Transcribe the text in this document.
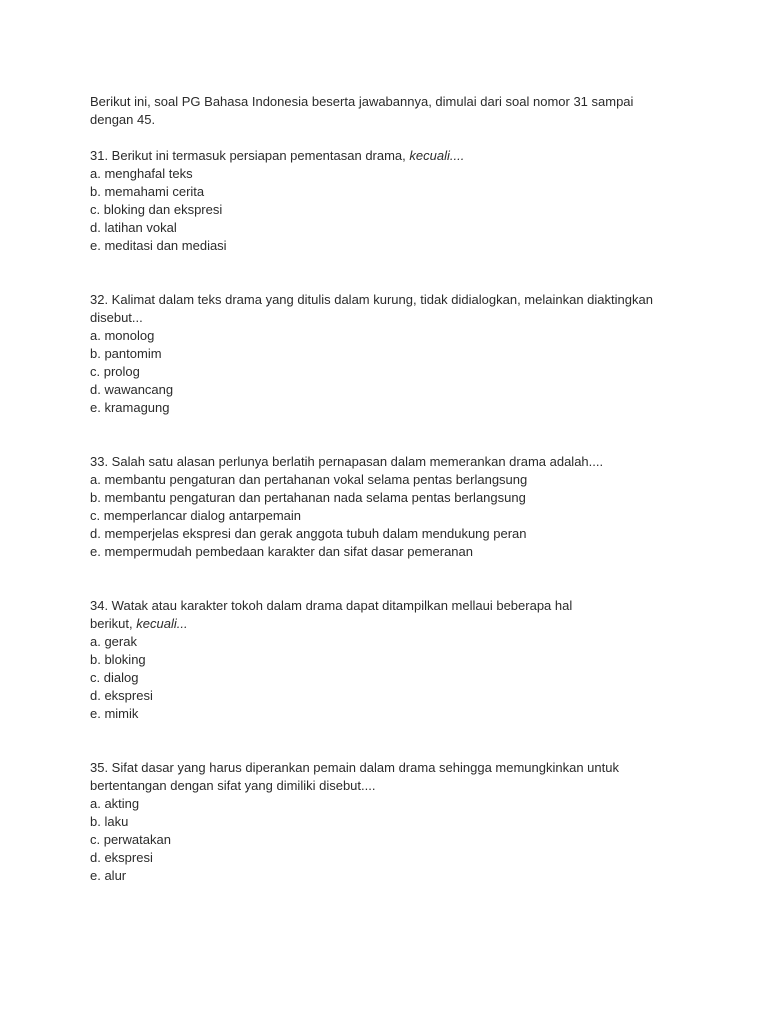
Berikut ini, soal PG Bahasa Indonesia beserta jawabannya, dimulai dari soal nomor 31 sampai
dengan 45.
31. Berikut ini termasuk persiapan pementasan drama, kecuali....
a. menghafal teks
b. memahami cerita
c. bloking dan ekspresi
d. latihan vokal
e. meditasi dan mediasi
32. Kalimat dalam teks drama yang ditulis dalam kurung, tidak didialogkan, melainkan diaktingkan
disebut...
a. monolog
b. pantomim
c. prolog
d. wawancang
e. kramagung
33. Salah satu alasan perlunya berlatih pernapasan dalam memerankan drama adalah....
a. membantu pengaturan dan pertahanan vokal selama pentas berlangsung
b. membantu pengaturan dan pertahanan nada selama pentas berlangsung
c. memperlancar dialog antarpemain
d. memperjelas ekspresi dan gerak anggota tubuh dalam mendukung peran
e. mempermudah pembedaan karakter dan sifat dasar pemeranan
34. Watak atau karakter tokoh dalam drama dapat ditampilkan mellaui beberapa hal
berikut, kecuali...
a. gerak
b. bloking
c. dialog
d. ekspresi
e. mimik
35. Sifat dasar yang harus diperankan pemain dalam drama sehingga memungkinkan untuk
bertentangan dengan sifat yang dimiliki disebut....
a. akting
b. laku
c. perwatakan
d. ekspresi
e. alur
